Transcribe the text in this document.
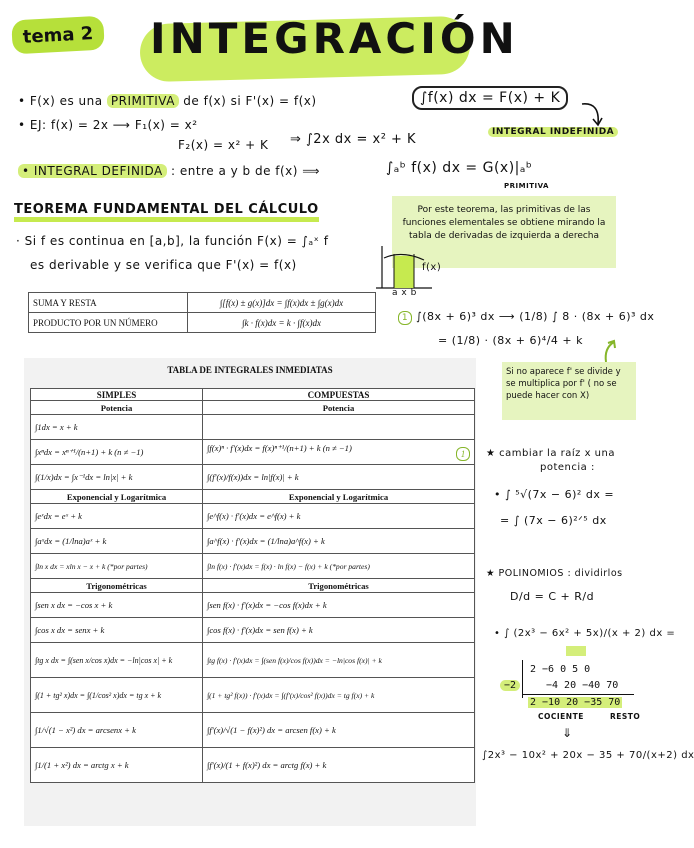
tema 2 INTEGRACIÓN
• F(x) es una PRIMITIVA de f(x) si F'(x) = f(x)	∫f(x) dx = F(x) + K
INTEGRAL INDEFINIDA
• EJ: f(x) = 2x ⟶ F₁(x) = x²
F₂(x) = x² + K ⇒ ∫2x dx = x² + K
• INTEGRAL DEFINIDA : entre a y b de f(x) ⟹	∫ₐᵇ f(x) dx = G(x)|ₐᵇ
PRIMITIVA
TEOREMA FUNDAMENTAL DEL CÁLCULO
· Si f es continua en [a,b], la función F(x) = ∫ₐˣ f
es derivable y se verifica que F'(x) = f(x)
Por este teorema, las primitivas de las funciones elementales se obtiene mirando la tabla de derivadas de izquierda a derecha
f(x)
a x b
SUMA Y RESTA	∫[f(x) ± g(x)]dx = ∫f(x)dx ± ∫g(x)dx
PRODUCTO POR UN NÚMERO	∫k · f(x)dx = k · ∫f(x)dx
TABLA DE INTEGRALES INMEDIATAS
SIMPLES	COMPUESTAS
Potencia	Potencia
∫1dx = x + k	
∫xⁿdx = xⁿ⁺¹/(n+1) + k (n ≠ −1)	∫f(x)ⁿ · f'(x)dx = f(x)ⁿ⁺¹/(n+1) + k (n ≠ −1)
1

∫(1/x)dx = ∫x⁻¹dx = ln|x| + k	∫(f'(x)/f(x))dx = ln|f(x)| + k
Exponencial y Logarítmica	Exponencial y Logarítmica
∫eˣdx = eˣ + k	∫e^f(x) · f'(x)dx = e^f(x) + k
∫aˣdx = (1/lna)aˣ + k	∫a^f(x) · f'(x)dx = (1/lna)a^f(x) + k
∫ln x dx = xln x − x + k (*por partes)	∫ln f(x) · f'(x)dx = f(x) · ln f(x) − f(x) + k (*por partes)
Trigonométricas	Trigonométricas
∫sen x dx = −cos x + k	∫sen f(x) · f'(x)dx = −cos f(x)dx + k
∫cos x dx = senx + k	∫cos f(x) · f'(x)dx = sen f(x) + k
∫tg x dx = ∫(sen x/cos x)dx = −ln|cos x| + k	∫tg f(x) · f'(x)dx = ∫(sen f(x)/cos f(x))dx = −ln|cos f(x)| + k
∫(1 + tg² x)dx = ∫(1/cos² x)dx = tg x + k	∫(1 + tg² f(x)) · f'(x)dx = ∫(f'(x)/cos² f(x))dx = tg f(x) + k
∫1/√(1 − x²) dx = arcsenx + k	∫f'(x)/√(1 − f(x)²) dx = arcsen f(x) + k
∫1/(1 + x²) dx = arctg x + k	∫f'(x)/(1 + f(x)²) dx = arctg f(x) + k
1 ∫(8x + 6)³ dx ⟶ (1/8) ∫ 8 · (8x + 6)³ dx
= (1/8) · (8x + 6)⁴/4 + k
Si no aparece f' se divide y se multiplica por f' ( no se puede hacer con X)
★ cambiar la raíz x una
potencia :
• ∫ ⁵√(7x − 6)² dx =
= ∫ (7x − 6)²ᐟ⁵ dx
★ POLINOMIOS : dividirlos
D/d = C + R/d
• ∫ (2x³ − 6x² + 5x)/(x + 2) dx =
2 −6 0 5 0
−4 20 −40 70
−2
2 −10 20 −35 70
COCIENTE	RESTO
⇓
∫2x³ − 10x² + 20x − 35 + 70/(x+2) dx
